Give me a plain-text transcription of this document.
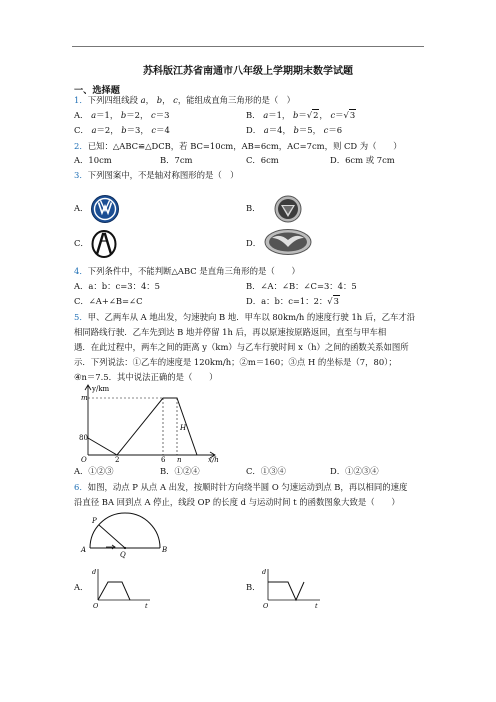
苏科版江苏省南通市八年级上学期期末数学试题
一、选择题
1．下列四组线段 a， b， c，能组成直角三角形的是（　）
A． a＝1， b＝2， c＝3	B． a＝1， b＝√2， c＝√3
C． a＝2， b＝3， c＝4	D． a＝4， b＝5， c＝6
2．已知：△ABC≌△DCB，若 BC=10cm，AB=6cm，AC=7cm，则 CD 为（　　）
A．10cm	B．7cm	C．6cm	D．6cm 或 7cm
3．下列图案中，不是轴对称图形的是（　）
A．	B．
C．	D．
4．下列条件中，不能判断△ABC 是直角三角形的是（　　）
A．a：b：c=3：4：5	B．∠A：∠B：∠C=3：4：5
C．∠A+∠B=∠C	D．a：b：c=1：2：√3
5．甲、乙两车从 A 地出发，匀速驶向 B 地．甲车以 80km/h 的速度行驶 1h 后，乙车才沿
相同路线行驶．乙车先到达 B 地并停留 1h 后，再以原速按原路返回，直至与甲车相
遇．在此过程中，两车之间的距离 y（km）与乙车行驶时间 x（h）之间的函数关系如图所
示．下列说法：①乙车的速度是 120km/h；②m＝160；③点 H 的坐标是（7，80）；
④n＝7.5．其中说法正确的是（　　）
y/km
m
80
O	2	6 n	x/h
H
A．①②③	B．①②④	C．①③④	D．①②③④
6．如图，动点 P 从点 A 出发，按顺时针方向绕半圆 O 匀速运动到点 B，再以相同的速度
沿直径 BA 回到点 A 停止，线段 OP 的长度 d 与运动时间 t 的函数图象大致是（　　）
P
A
Q
B
A．
d
O	t
B．
d
O	t
